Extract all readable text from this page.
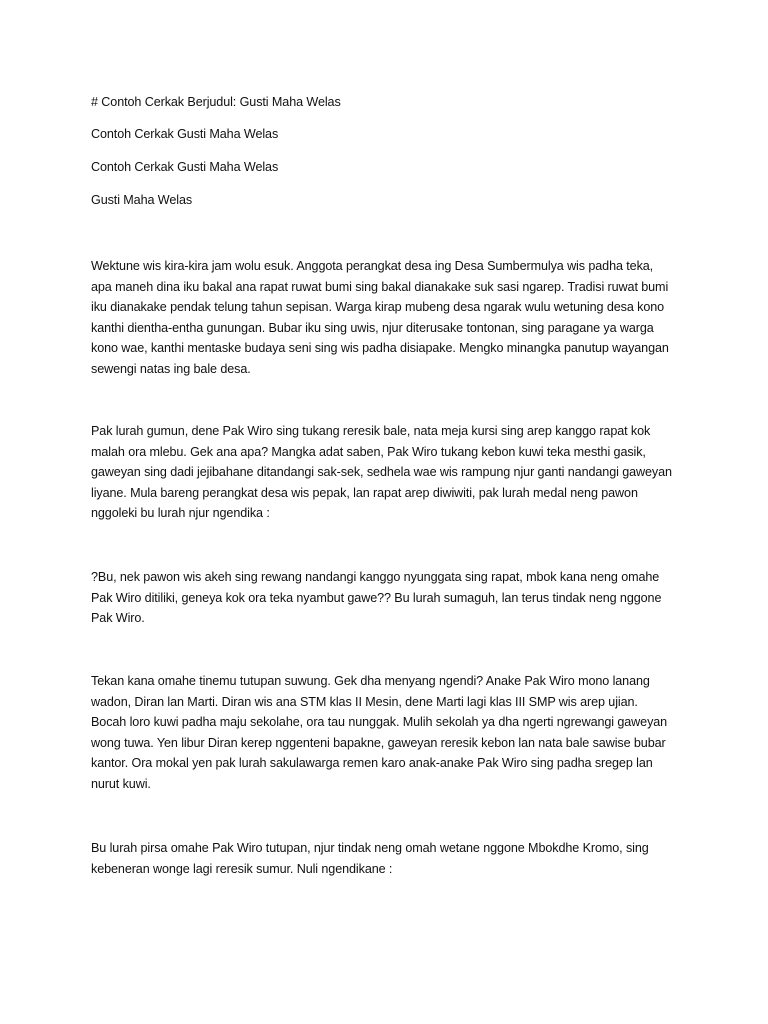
# Contoh Cerkak Berjudul: Gusti Maha Welas

Contoh Cerkak Gusti Maha Welas

Contoh Cerkak Gusti Maha Welas

Gusti Maha Welas

Wektune wis kira-kira jam wolu esuk. Anggota perangkat desa ing Desa Sumbermulya wis padha teka,
apa maneh dina iku bakal ana rapat ruwat bumi sing bakal dianakake suk sasi ngarep. Tradisi ruwat bumi
iku dianakake pendak telung tahun sepisan. Warga kirap mubeng desa ngarak wulu wetuning desa kono
kanthi dientha-entha gunungan. Bubar iku sing uwis, njur diterusake tontonan, sing paragane ya warga
kono wae, kanthi mentaske budaya seni sing wis padha disiapake. Mengko minangka panutup wayangan
sewengi natas ing bale desa.
Pak lurah gumun, dene Pak Wiro sing tukang reresik bale, nata meja kursi sing arep kanggo rapat kok
malah ora mlebu. Gek ana apa? Mangka adat saben, Pak Wiro tukang kebon kuwi teka mesthi gasik,
gaweyan sing dadi jejibahane ditandangi sak-sek, sedhela wae wis rampung njur ganti nandangi gaweyan
liyane. Mula bareng perangkat desa wis pepak, lan rapat arep diwiwiti, pak lurah medal neng pawon
nggoleki bu lurah njur ngendika :
?Bu, nek pawon wis akeh sing rewang nandangi kanggo nyunggata sing rapat, mbok kana neng omahe
Pak Wiro ditiliki, geneya kok ora teka nyambut gawe?? Bu lurah sumaguh, lan terus tindak neng nggone
Pak Wiro.
Tekan kana omahe tinemu tutupan suwung. Gek dha menyang ngendi? Anake Pak Wiro mono lanang
wadon, Diran lan Marti. Diran wis ana STM klas II Mesin, dene Marti lagi klas III SMP wis arep ujian.
Bocah loro kuwi padha maju sekolahe, ora tau nunggak. Mulih sekolah ya dha ngerti ngrewangi gaweyan
wong tuwa. Yen libur Diran kerep nggenteni bapakne, gaweyan reresik kebon lan nata bale sawise bubar
kantor. Ora mokal yen pak lurah sakulawarga remen karo anak-anake Pak Wiro sing padha sregep lan
nurut kuwi.
Bu lurah pirsa omahe Pak Wiro tutupan, njur tindak neng omah wetane nggone Mbokdhe Kromo, sing
kebeneran wonge lagi reresik sumur. Nuli ngendikane :
